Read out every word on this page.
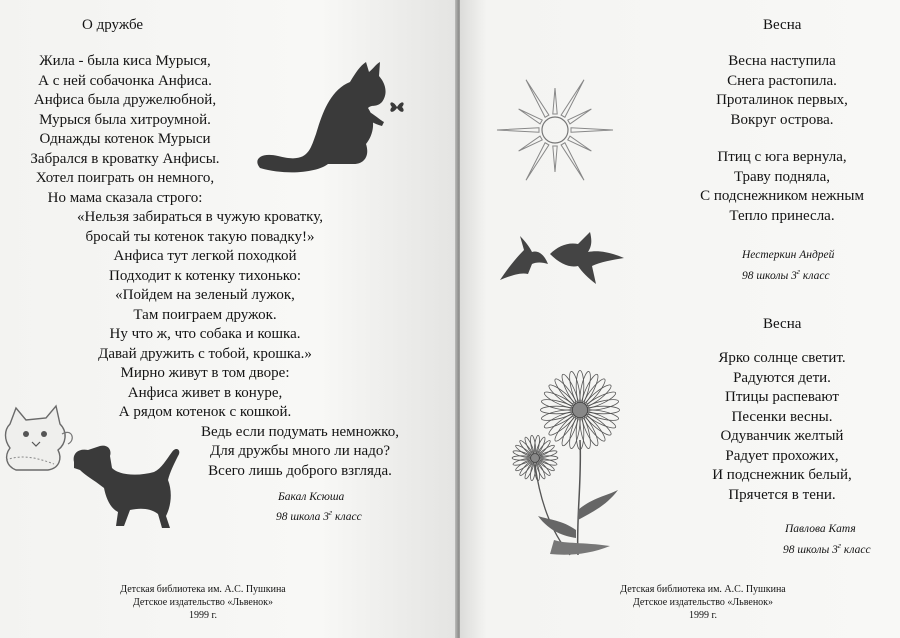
О дружбе
Жила - была киса Мурыся,
А с ней собачонка Анфиса.
Анфиса была дружелюбной,
Мурыся была хитроумной.
Однажды котенок Мурыси
Забрался в кроватку Анфисы.
Хотел поиграть он немного,
Но мама сказала строго:
«Нельзя забираться в чужую кроватку,
бросай ты котенок такую повадку!»
Анфиса тут легкой походкой
Подходит к котенку тихонько:
«Пойдем на зеленый лужок,
Там поиграем дружок.
Ну что ж, что собака и кошка.
Давай дружить с тобой, крошка.»
Мирно живут в том дворе:
Анфиса живет в конуре,
А рядом котенок с кошкой.
Ведь если подумать немножко,
Для дружбы много ли надо?
Всего лишь доброго взгляда.
Бакал Ксюша
98 школа $3^г$ класс
Детская библиотека им. А.С. Пушкина
Детское издательство «Львенок»
1999 г.
Весна
Весна наступила
Снега растопила.
Проталинок первых,
Вокруг острова.
Птиц с юга вернула,
Траву подняла,
С подснежником нежным
Тепло принесла.
Нестеркин Андрей
98 школы $3^г$ класс
Весна
Ярко солнце светит.
Радуются дети.
Птицы распевают
Песенки весны.
Одуванчик желтый
Радует прохожих,
И подснежник белый,
Прячется в тени.
Павлова Катя
98 школы $3^г$ класс
Детская библиотека им. А.С. Пушкина
Детское издательство «Львенок»
1999 г.
